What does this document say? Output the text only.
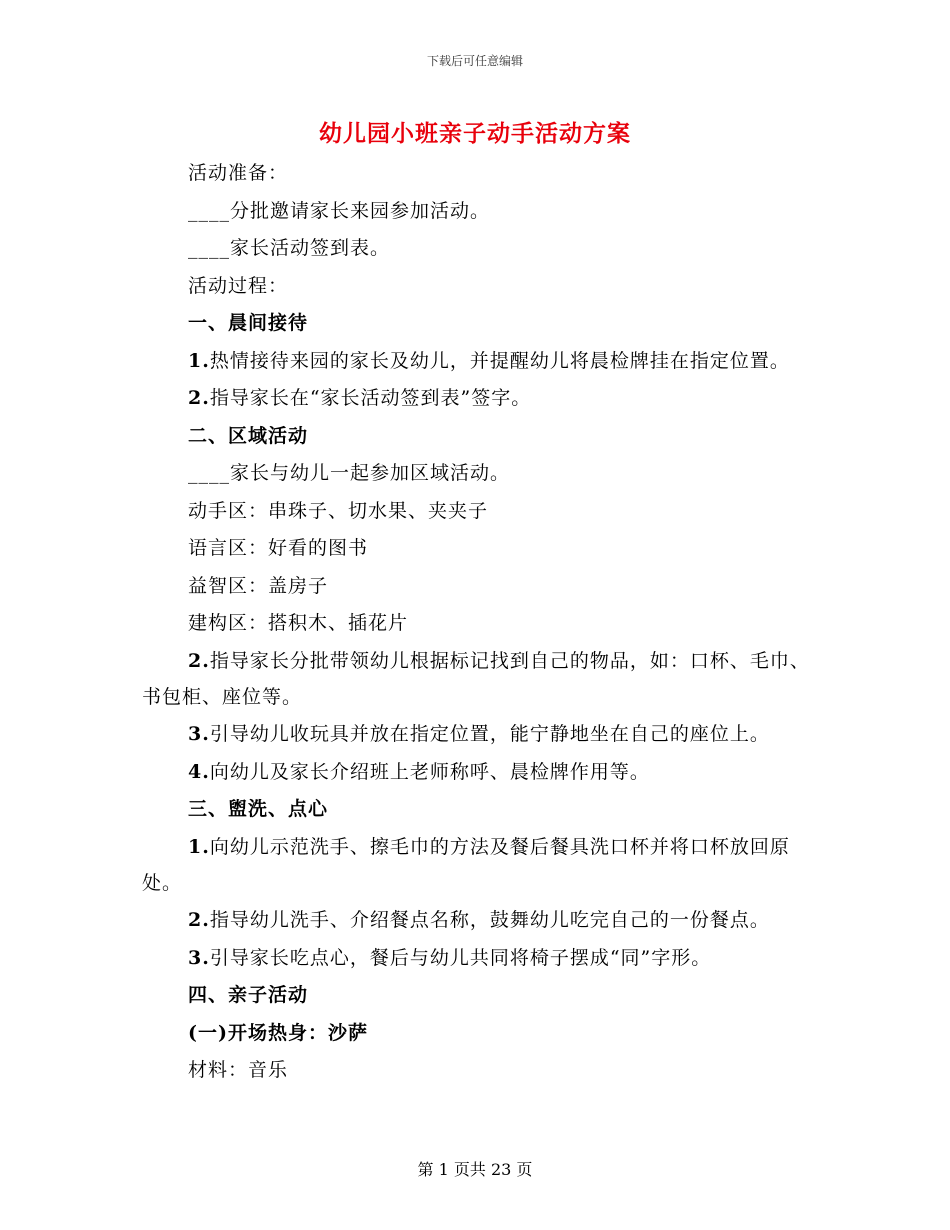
下载后可任意编辑
幼儿园小班亲子动手活动方案
活动准备：
____分批邀请家长来园参加活动。
____家长活动签到表。
活动过程：
一、晨间接待
1.热情接待来园的家长及幼儿，并提醒幼儿将晨检牌挂在指定位置。
2.指导家长在“家长活动签到表”签字。
二、区域活动
____家长与幼儿一起参加区域活动。
动手区：串珠子、切水果、夹夹子
语言区：好看的图书
益智区：盖房子
建构区：搭积木、插花片
2.指导家长分批带领幼儿根据标记找到自己的物品，如：口杯、毛巾、书包柜、座位等。
3.引导幼儿收玩具并放在指定位置，能宁静地坐在自己的座位上。
4.向幼儿及家长介绍班上老师称呼、晨检牌作用等。
三、盥洗、点心
1.向幼儿示范洗手、擦毛巾的方法及餐后餐具洗口杯并将口杯放回原处。
2.指导幼儿洗手、介绍餐点名称，鼓舞幼儿吃完自己的一份餐点。
3.引导家长吃点心，餐后与幼儿共同将椅子摆成“同”字形。
四、亲子活动
(一)开场热身：沙萨
材料：音乐
第 1 页共 23 页
